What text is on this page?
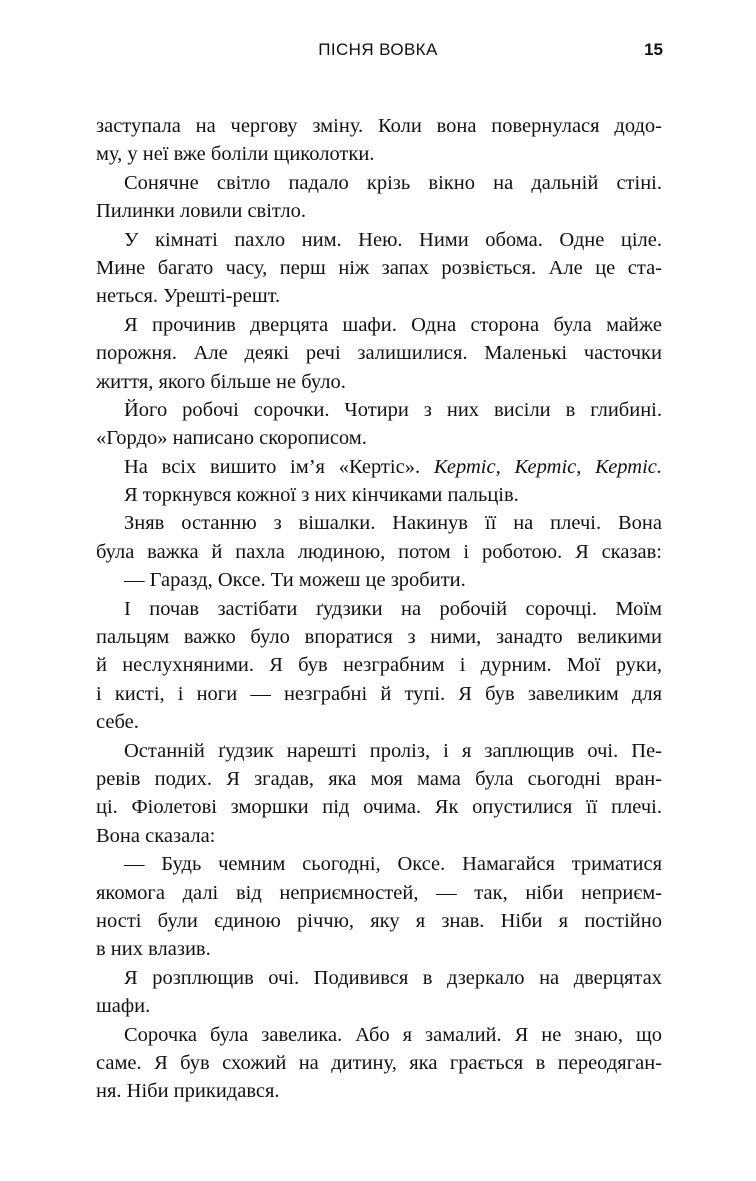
ПІСНЯ ВОВКА	15
заступала на чергову зміну. Коли вона повернулася додо-
му, у неї вже боліли щиколотки.
Сонячне світло падало крізь вікно на дальній стіні.
Пилинки ловили світло.
У кімнаті пахло ним. Нею. Ними обома. Одне ціле.
Мине багато часу, перш ніж запах розвіється. Але це ста-
неться. Урешті-решт.
Я прочинив дверцята шафи. Одна сторона була майже
порожня. Але деякі речі залишилися. Маленькі часточки
життя, якого більше не було.
Його робочі сорочки. Чотири з них висіли в глибині.
«Гордо» написано скорописом.
На всіх вишито ім’я «Кертіс». Кертіс, Кертіс, Кертіс.
Я торкнувся кожної з них кінчиками пальців.
Зняв останню з вішалки. Накинув її на плечі. Вона
була важка й пахла людиною, потом і роботою. Я сказав:
— Гаразд, Оксе. Ти можеш це зробити.
І почав застібати ґудзики на робочій сорочці. Моїм
пальцям важко було впоратися з ними, занадто великими
й неслухняними. Я був незграбним і дурним. Мої руки,
і кисті, і ноги — незграбні й тупі. Я був завеликим для
себе.
Останній ґудзик нарешті проліз, і я заплющив очі. Пе-
ревів подих. Я згадав, яка моя мама була сьогодні вран-
ці. Фіолетові зморшки під очима. Як опустилися її плечі.
Вона сказала:
— Будь чемним сьогодні, Оксе. Намагайся триматися
якомога далі від неприємностей, — так, ніби неприєм-
ності були єдиною річчю, яку я знав. Ніби я постійно
в них влазив.
Я розплющив очі. Подивився в дзеркало на дверцятах
шафи.
Сорочка була завелика. Або я замалий. Я не знаю, що
саме. Я був схожий на дитину, яка грається в переодяган-
ня. Ніби прикидався.
